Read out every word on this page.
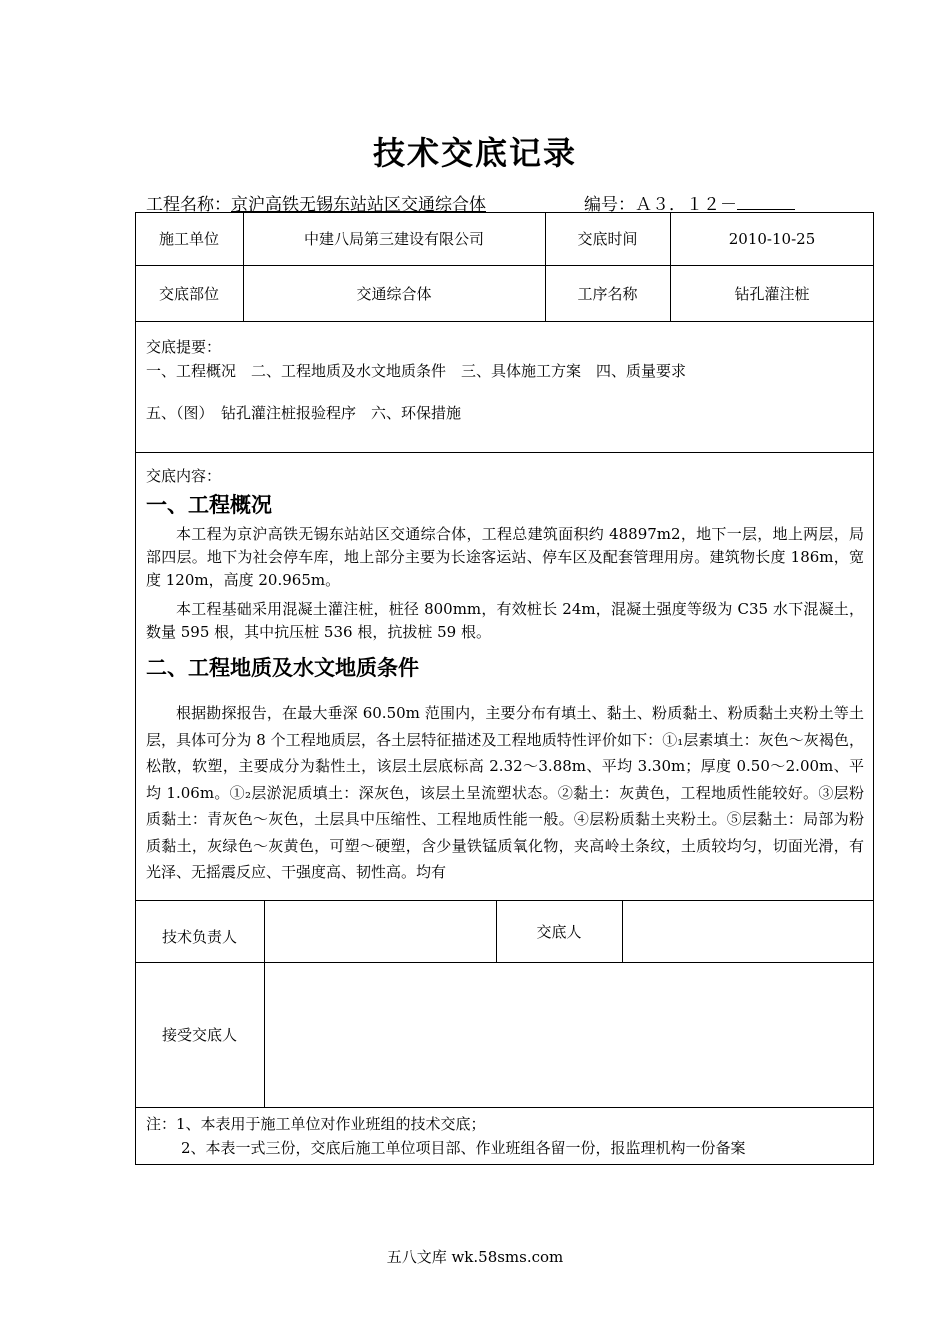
技术交底记录
工程名称：京沪高铁无锡东站站区交通综合体	编号：Ａ３．１２－
施工单位	中建八局第三建设有限公司	交底时间	2010-10-25
交底部位	交通综合体	工序名称	钻孔灌注桩
交底提要：
一、工程概况　二、工程地质及水文地质条件　三、具体施工方案　四、质量要求
五、（图）　钻孔灌注桩报验程序　六、环保措施
交底内容：
一、工程概况
本工程为京沪高铁无锡东站站区交通综合体，工程总建筑面积约 48897m2，地下一层，地上两层，局部四层。地下为社会停车库，地上部分主要为长途客运站、停车区及配套管理用房。建筑物长度 186m，宽度 120m，高度 20.965m。
本工程基础采用混凝土灌注桩，桩径 800mm，有效桩长 24m，混凝土强度等级为 C35 水下混凝土，数量 595 根，其中抗压桩 536 根，抗拔桩 59 根。
二、工程地质及水文地质条件
根据勘探报告，在最大垂深 60.50m 范围内，主要分布有填土、黏土、粉质黏土、粉质黏土夹粉土等土层，具体可分为 8 个工程地质层，各土层特征描述及工程地质特性评价如下：①₁层素填土：灰色～灰褐色，松散，软塑，主要成分为黏性土，该层土层底标高 2.32～3.88m、平均 3.30m；厚度 0.50～2.00m、平均 1.06m。①₂层淤泥质填土：深灰色，该层土呈流塑状态。②黏土：灰黄色，工程地质性能较好。③层粉质黏土：青灰色～灰色，土层具中压缩性、工程地质性能一般。④层粉质黏土夹粉土。⑤层黏土：局部为粉质黏土，灰绿色～灰黄色，可塑～硬塑，含少量铁锰质氧化物，夹高岭土条纹，土质较均匀，切面光滑，有光泽、无摇震反应、干强度高、韧性高。均有
技术负责人	交底人
接受交底人
注：1、本表用于施工单位对作业班组的技术交底；
2、本表一式三份，交底后施工单位项目部、作业班组各留一份，报监理机构一份备案
五八文库 wk.58sms.com
